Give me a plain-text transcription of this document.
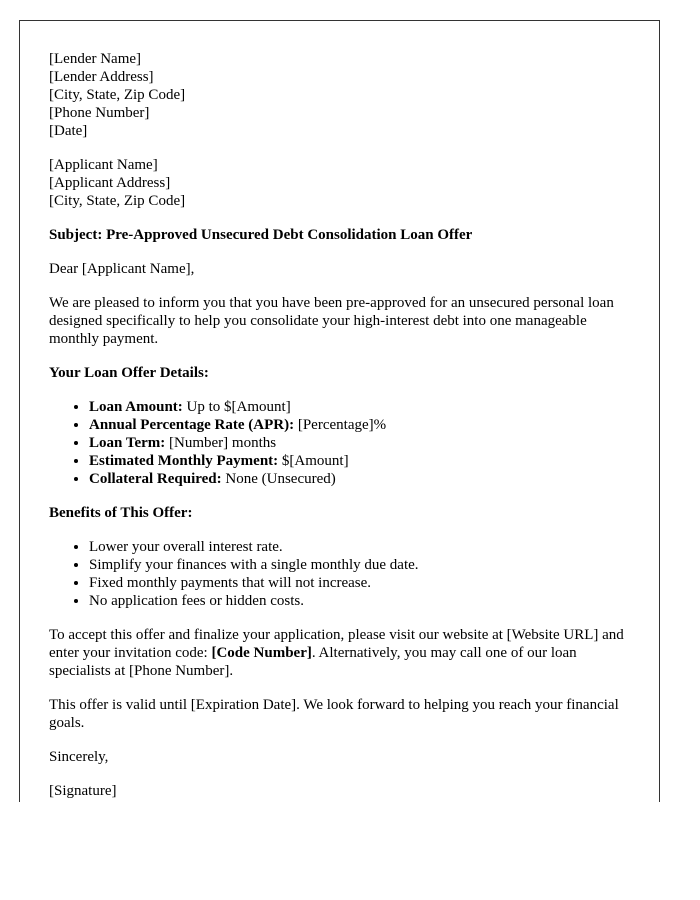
[Lender Name]
[Lender Address]
[City, State, Zip Code]
[Phone Number]
[Date]

[Applicant Name]
[Applicant Address]
[City, State, Zip Code]

Subject: Pre-Approved Unsecured Debt Consolidation Loan Offer

Dear [Applicant Name],

We are pleased to inform you that you have been pre-approved for an unsecured personal loan designed specifically to help you consolidate your high-interest debt into one manageable monthly payment.

Your Loan Offer Details:

• Loan Amount: Up to $[Amount]
• Annual Percentage Rate (APR): [Percentage]%
• Loan Term: [Number] months
• Estimated Monthly Payment: $[Amount]
• Collateral Required: None (Unsecured)

Benefits of This Offer:

• Lower your overall interest rate.
• Simplify your finances with a single monthly due date.
• Fixed monthly payments that will not increase.
• No application fees or hidden costs.

To accept this offer and finalize your application, please visit our website at [Website URL] and enter your invitation code: [Code Number]. Alternatively, you may call one of our loan specialists at [Phone Number].

This offer is valid until [Expiration Date]. We look forward to helping you reach your financial goals.

Sincerely,

[Signature]
